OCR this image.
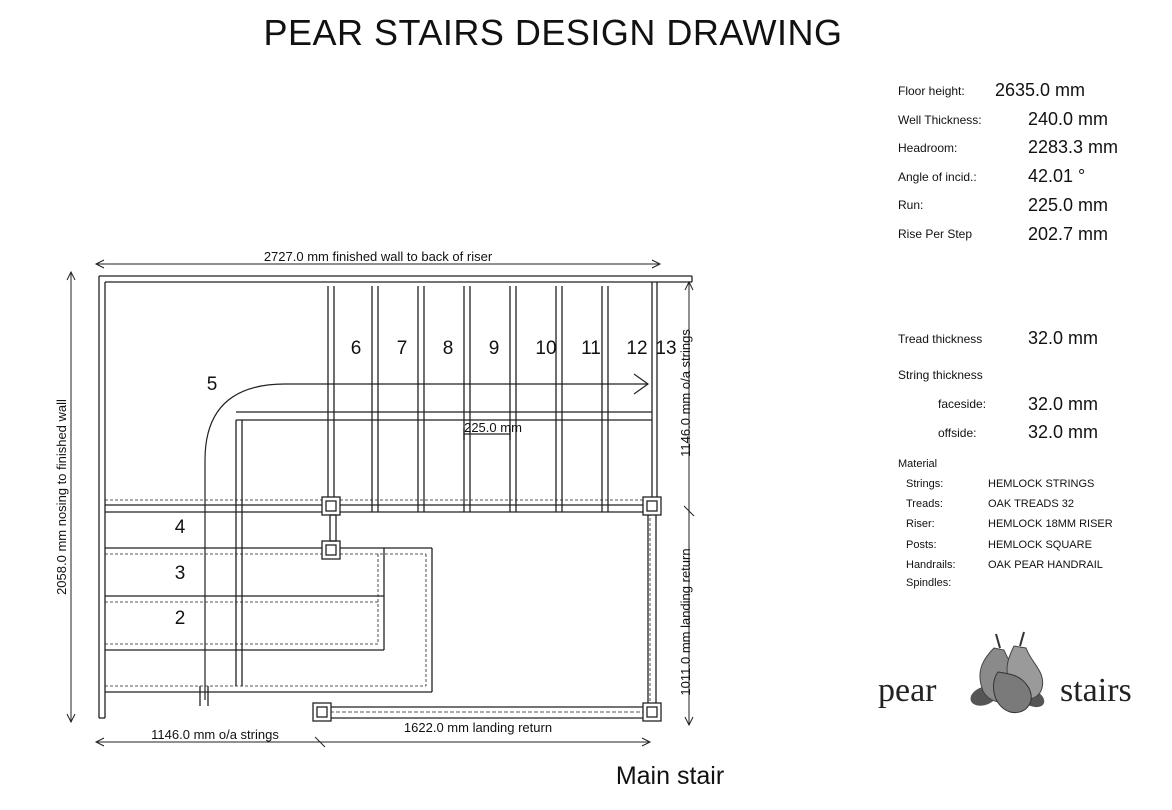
PEAR STAIRS DESIGN DRAWING
2727.0 mm finished wall to back of riser
2058.0 mm nosing to finished wall
1146.0 mm o/a strings
1011.0 mm landing return
1146.0 mm o/a strings	1622.0 mm landing return
225.0 mm
2
3
4
5
6 7 8 9 10 11 12 13
Floor height: 2635.0 mm
Well Thickness:	240.0 mm
Headroom:	2283.3 mm
Angle of incid.:	42.01 °
Run:	225.0 mm
Rise Per Step	202.7 mm
Tread thickness	32.0 mm
String thickness
faceside: 32.0 mm
offside:	32.0 mm
Material
Strings:	HEMLOCK STRINGS
Treads:	OAK TREADS 32
Riser:	HEMLOCK 18MM RISER
Posts:	HEMLOCK SQUARE
Handrails:	OAK PEAR HANDRAIL
Spindles:
pear	stairs
Main stair
